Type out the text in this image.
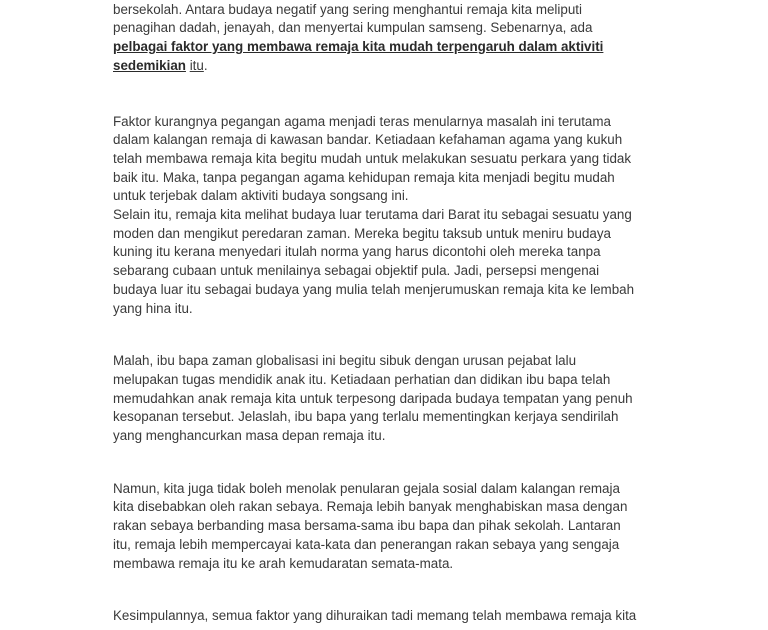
bersekolah. Antara budaya negatif yang sering menghantui remaja kita meliputi
penagihan dadah, jenayah, dan menyertai kumpulan samseng. Sebenarnya, ada
pelbagai faktor yang membawa remaja kita mudah terpengaruh dalam aktiviti
sedemikian itu.
Faktor kurangnya pegangan agama menjadi teras menularnya masalah ini terutama
dalam kalangan remaja di kawasan bandar. Ketiadaan kefahaman agama yang kukuh
telah membawa remaja kita begitu mudah untuk melakukan sesuatu perkara yang tidak
baik itu. Maka, tanpa pegangan agama kehidupan remaja kita menjadi begitu mudah
untuk terjebak dalam aktiviti budaya songsang ini.
Selain itu, remaja kita melihat budaya luar terutama dari Barat itu sebagai sesuatu yang
moden dan mengikut peredaran zaman. Mereka begitu taksub untuk meniru budaya
kuning itu kerana menyedari itulah norma yang harus dicontohi oleh mereka tanpa
sebarang cubaan untuk menilainya sebagai objektif pula. Jadi, persepsi mengenai
budaya luar itu sebagai budaya yang mulia telah menjerumuskan remaja kita ke lembah
yang hina itu.
Malah, ibu bapa zaman globalisasi ini begitu sibuk dengan urusan pejabat lalu
melupakan tugas mendidik anak itu. Ketiadaan perhatian dan didikan ibu bapa telah
memudahkan anak remaja kita untuk terpesong daripada budaya tempatan yang penuh
kesopanan tersebut. Jelaslah, ibu bapa yang terlalu mementingkan kerjaya sendirilah
yang menghancurkan masa depan remaja itu.
Namun, kita juga tidak boleh menolak penularan gejala sosial dalam kalangan remaja
kita disebabkan oleh rakan sebaya. Remaja lebih banyak menghabiskan masa dengan
rakan sebaya berbanding masa bersama-sama ibu bapa dan pihak sekolah. Lantaran
itu, remaja lebih mempercayai kata-kata dan penerangan rakan sebaya yang sengaja
membawa remaja itu ke arah kemudaratan semata-mata.
Kesimpulannya, semua faktor yang dihuraikan tadi memang telah membawa remaja kita
